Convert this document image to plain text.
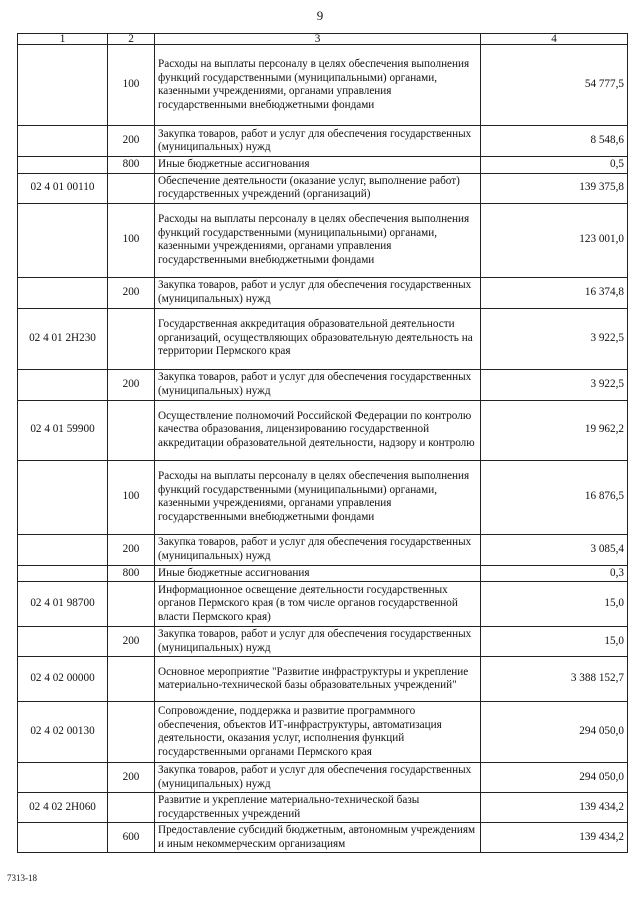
9
1	2	3	4
	100	Расходы на выплаты персоналу в целях обеспечения выполнения функций государственными (муниципальными) органами, казенными учреждениями, органами управления государственными внебюджетными фондами	54 777,5
	200	Закупка товаров, работ и услуг для обеспечения государственных (муниципальных) нужд	8 548,6
	800	Иные бюджетные ассигнования	0,5
02 4 01 00110		Обеспечение деятельности (оказание услуг, выполнение работ) государственных учреждений (организаций)	139 375,8
	100	Расходы на выплаты персоналу в целях обеспечения выполнения функций государственными (муниципальными) органами, казенными учреждениями, органами управления государственными внебюджетными фондами	123 001,0
	200	Закупка товаров, работ и услуг для обеспечения государственных (муниципальных) нужд	16 374,8
02 4 01 2Н230		Государственная аккредитация образовательной деятельности организаций, осуществляющих образовательную деятельность на территории Пермского края	3 922,5
	200	Закупка товаров, работ и услуг для обеспечения государственных (муниципальных) нужд	3 922,5
02 4 01 59900		Осуществление полномочий Российской Федерации по контролю качества образования, лицензированию государственной аккредитации образовательной деятельности, надзору и контролю	19 962,2
	100	Расходы на выплаты персоналу в целях обеспечения выполнения функций государственными (муниципальными) органами, казенными учреждениями, органами управления государственными внебюджетными фондами	16 876,5
	200	Закупка товаров, работ и услуг для обеспечения государственных (муниципальных) нужд	3 085,4
	800	Иные бюджетные ассигнования	0,3
02 4 01 98700		Информационное освещение деятельности государственных органов Пермского края (в том числе органов государственной власти Пермского края)	15,0
	200	Закупка товаров, работ и услуг для обеспечения государственных (муниципальных) нужд	15,0
02 4 02 00000		Основное мероприятие "Развитие инфраструктуры и укрепление материально-технической базы образовательных учреждений"	3 388 152,7
02 4 02 00130		Сопровождение, поддержка и развитие программного обеспечения, объектов ИТ-инфраструктуры, автоматизация деятельности, оказания услуг, исполнения функций государственными органами Пермского края	294 050,0
	200	Закупка товаров, работ и услуг для обеспечения государственных (муниципальных) нужд	294 050,0
02 4 02 2Н060		Развитие и укрепление материально-технической базы государственных учреждений	139 434,2
	600	Предоставление субсидий бюджетным, автономным учреждениям и иным некоммерческим организациям	139 434,2
7313-18
